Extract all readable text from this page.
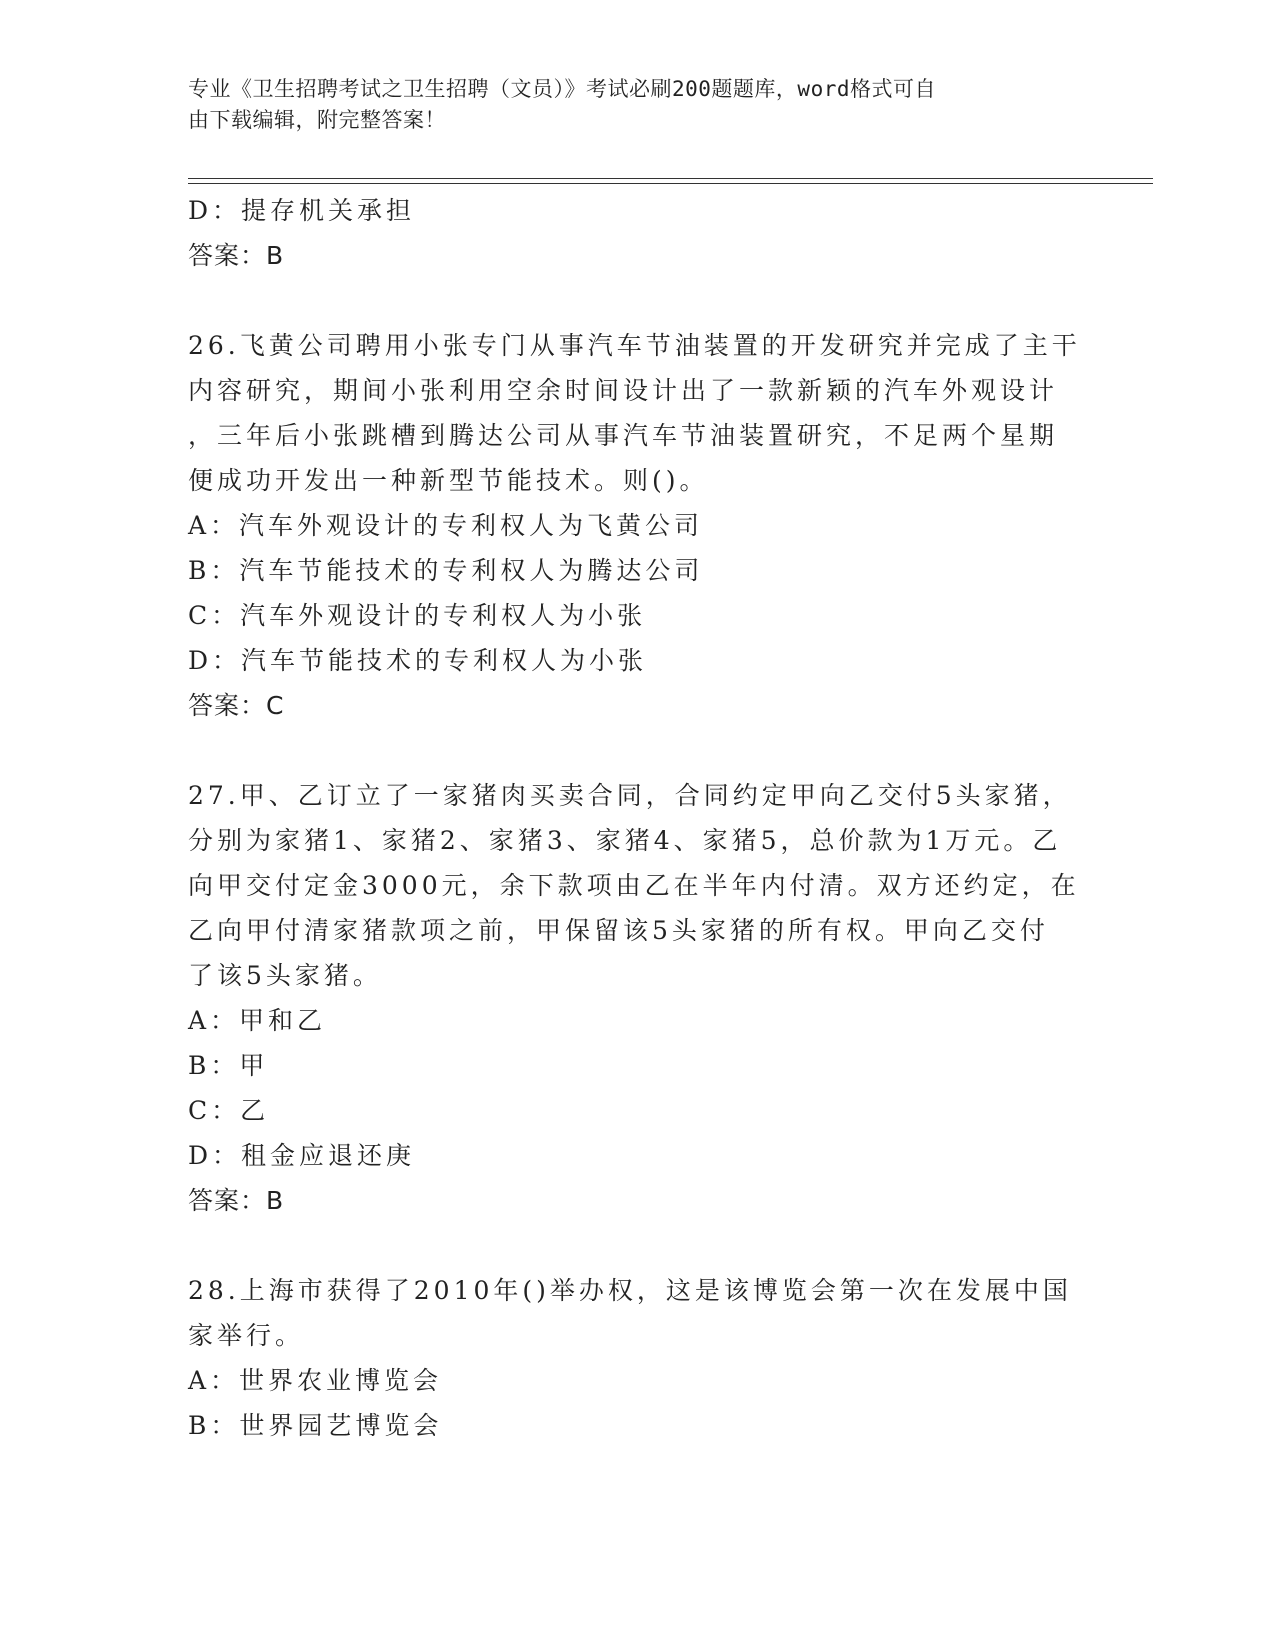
专业《卫生招聘考试之卫生招聘（文员）》考试必刷200题题库，word格式可自
由下载编辑，附完整答案！
D：提存机关承担
答案：B
26.飞黄公司聘用小张专门从事汽车节油装置的开发研究并完成了主干
内容研究，期间小张利用空余时间设计出了一款新颖的汽车外观设计
，三年后小张跳槽到腾达公司从事汽车节油装置研究，不足两个星期
便成功开发出一种新型节能技术。则()。
A：汽车外观设计的专利权人为飞黄公司
B：汽车节能技术的专利权人为腾达公司
C：汽车外观设计的专利权人为小张
D：汽车节能技术的专利权人为小张
答案：C
27.甲、乙订立了一家猪肉买卖合同，合同约定甲向乙交付5头家猪，
分别为家猪1、家猪2、家猪3、家猪4、家猪5，总价款为1万元。乙
向甲交付定金3000元，余下款项由乙在半年内付清。双方还约定，在
乙向甲付清家猪款项之前，甲保留该5头家猪的所有权。甲向乙交付
了该5头家猪。
A：甲和乙
B：甲
C：乙
D：租金应退还庚
答案：B
28.上海市获得了2010年()举办权，这是该博览会第一次在发展中国
家举行。
A：世界农业博览会
B：世界园艺博览会
